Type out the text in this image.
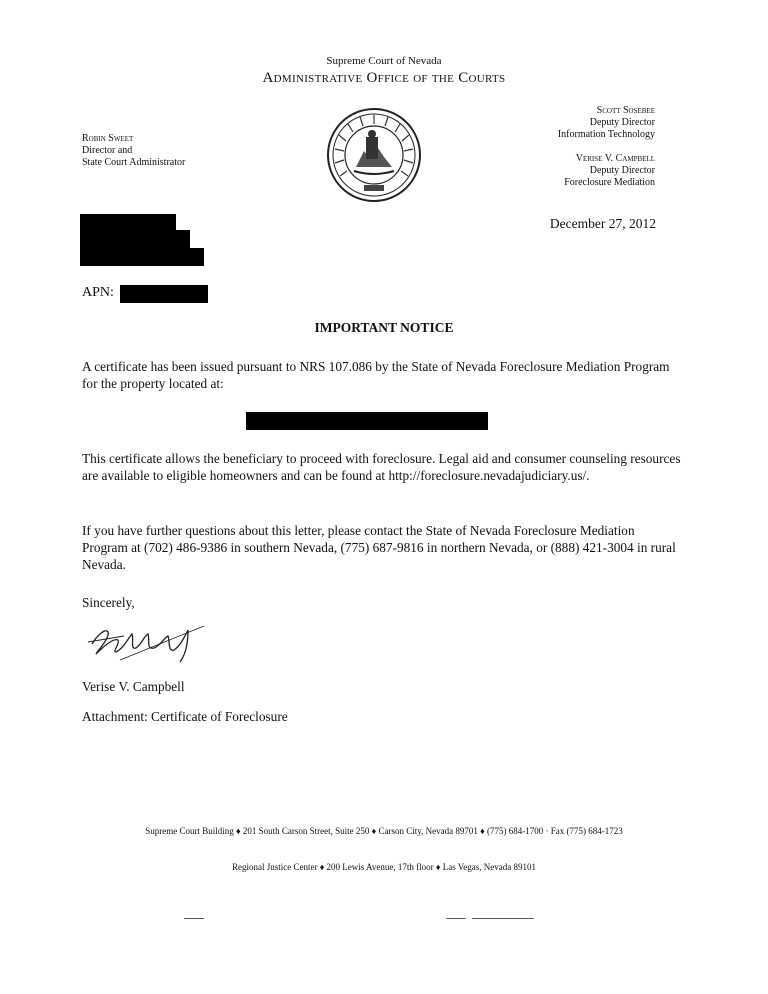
Supreme Court of Nevada
Administrative Office of the Courts
Robin Sweet
Director and
State Court Administrator
Scott Sosebee
Deputy Director
Information Technology
Verise V. Campbell
Deputy Director
Foreclosure Mediation
December 27, 2012
APN:
IMPORTANT NOTICE
A certificate has been issued pursuant to NRS 107.086 by the State of Nevada Foreclosure Mediation Program for the property located at:
This certificate allows the beneficiary to proceed with foreclosure. Legal aid and consumer counseling resources are available to eligible homeowners and can be found at http://foreclosure.nevadajudiciary.us/.
If you have further questions about this letter, please contact the State of Nevada Foreclosure Mediation Program at (702) 486-9386 in southern Nevada, (775) 687-9816 in northern Nevada, or (888) 421-3004 in rural Nevada.
Sincerely,
Verise V. Campbell
Attachment: Certificate of Foreclosure
Supreme Court Building ♦ 201 South Carson Street, Suite 250 ♦ Carson City, Nevada 89701 ♦ (775) 684-1700 · Fax (775) 684-1723
Regional Justice Center ♦ 200 Lewis Avenue, 17th floor ♦ Las Vegas, Nevada 89101
